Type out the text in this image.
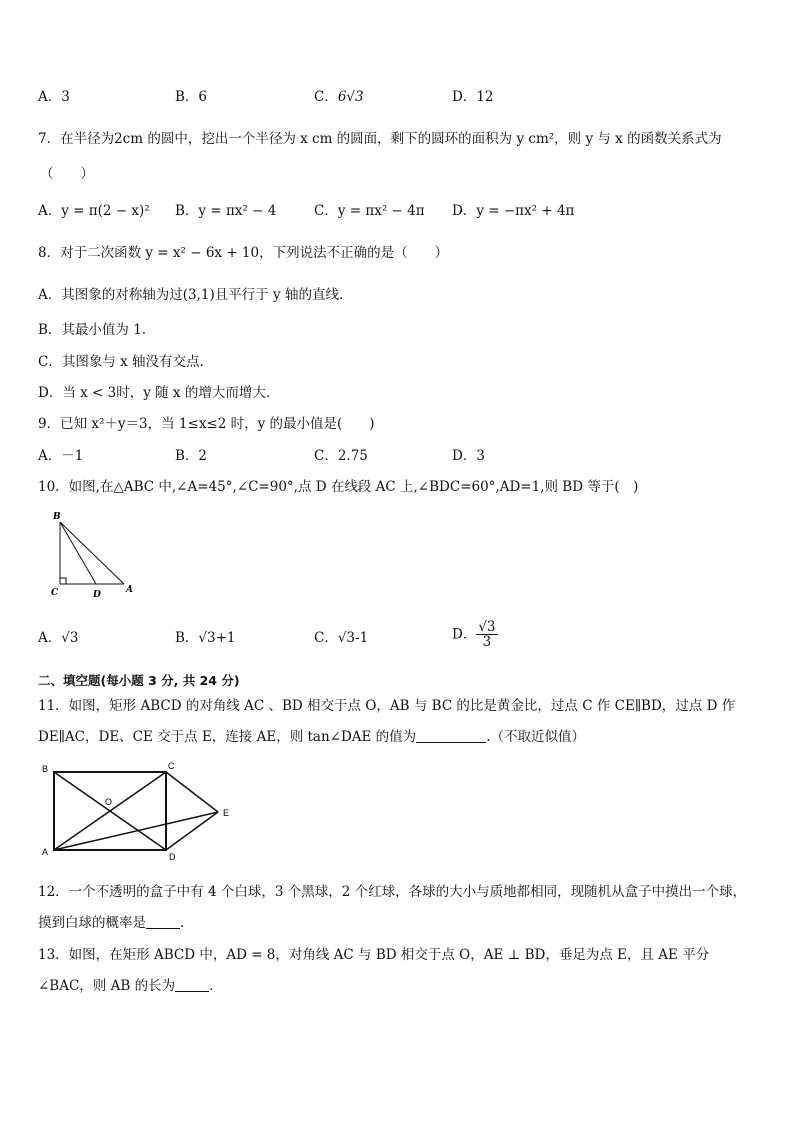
A．3	B．6	C．6√3	D．12
7．在半径为2cm 的圆中，挖出一个半径为 x cm 的圆面，剩下的圆环的面积为 y cm²，则 y 与 x 的函数关系式为
（　　）
A．y = π(2 − x)² B．y = πx² − 4	C．y = πx² − 4π D．y = −πx² + 4π
8．对于二次函数 y = x² − 6x + 10，下列说法不正确的是（　　）
A．其图象的对称轴为过(3,1)且平行于 y 轴的直线.
B．其最小值为 1.
C．其图象与 x 轴没有交点.
D．当 x < 3时，y 随 x 的增大而增大.
9．已知 x²＋y＝3，当 1≤x≤2 时，y 的最小值是(　　)
A．－1	B．2	C．2.75	D．3
10．如图,在△ABC 中,∠A=45°,∠C=90°,点 D 在线段 AC 上,∠BDC=60°,AD=1,则 BD 等于(　)
B
C	D	A
A．√3	B．√3+1	C．√3-1	D． $\frac{√3}{3}$
二、填空题(每小题 3 分, 共 24 分)
11．如图，矩形 ABCD 的对角线 AC 、BD 相交于点 O，AB 与 BC 的比是黄金比，过点 C 作 CE∥BD，过点 D 作
DE∥AC，DE、CE 交于点 E，连接 AE，则 tan∠DAE 的值为	.（不取近似值）
B	C
O
E
A	D
12．一个不透明的盒子中有 4 个白球，3 个黑球，2 个红球，各球的大小与质地都相同，现随机从盒子中摸出一个球，
摸到白球的概率是	.
13．如图，在矩形 ABCD 中，AD = 8，对角线 AC 与 BD 相交于点 O，AE ⊥ BD，垂足为点 E，且 AE 平分
∠BAC，则 AB 的长为	.
